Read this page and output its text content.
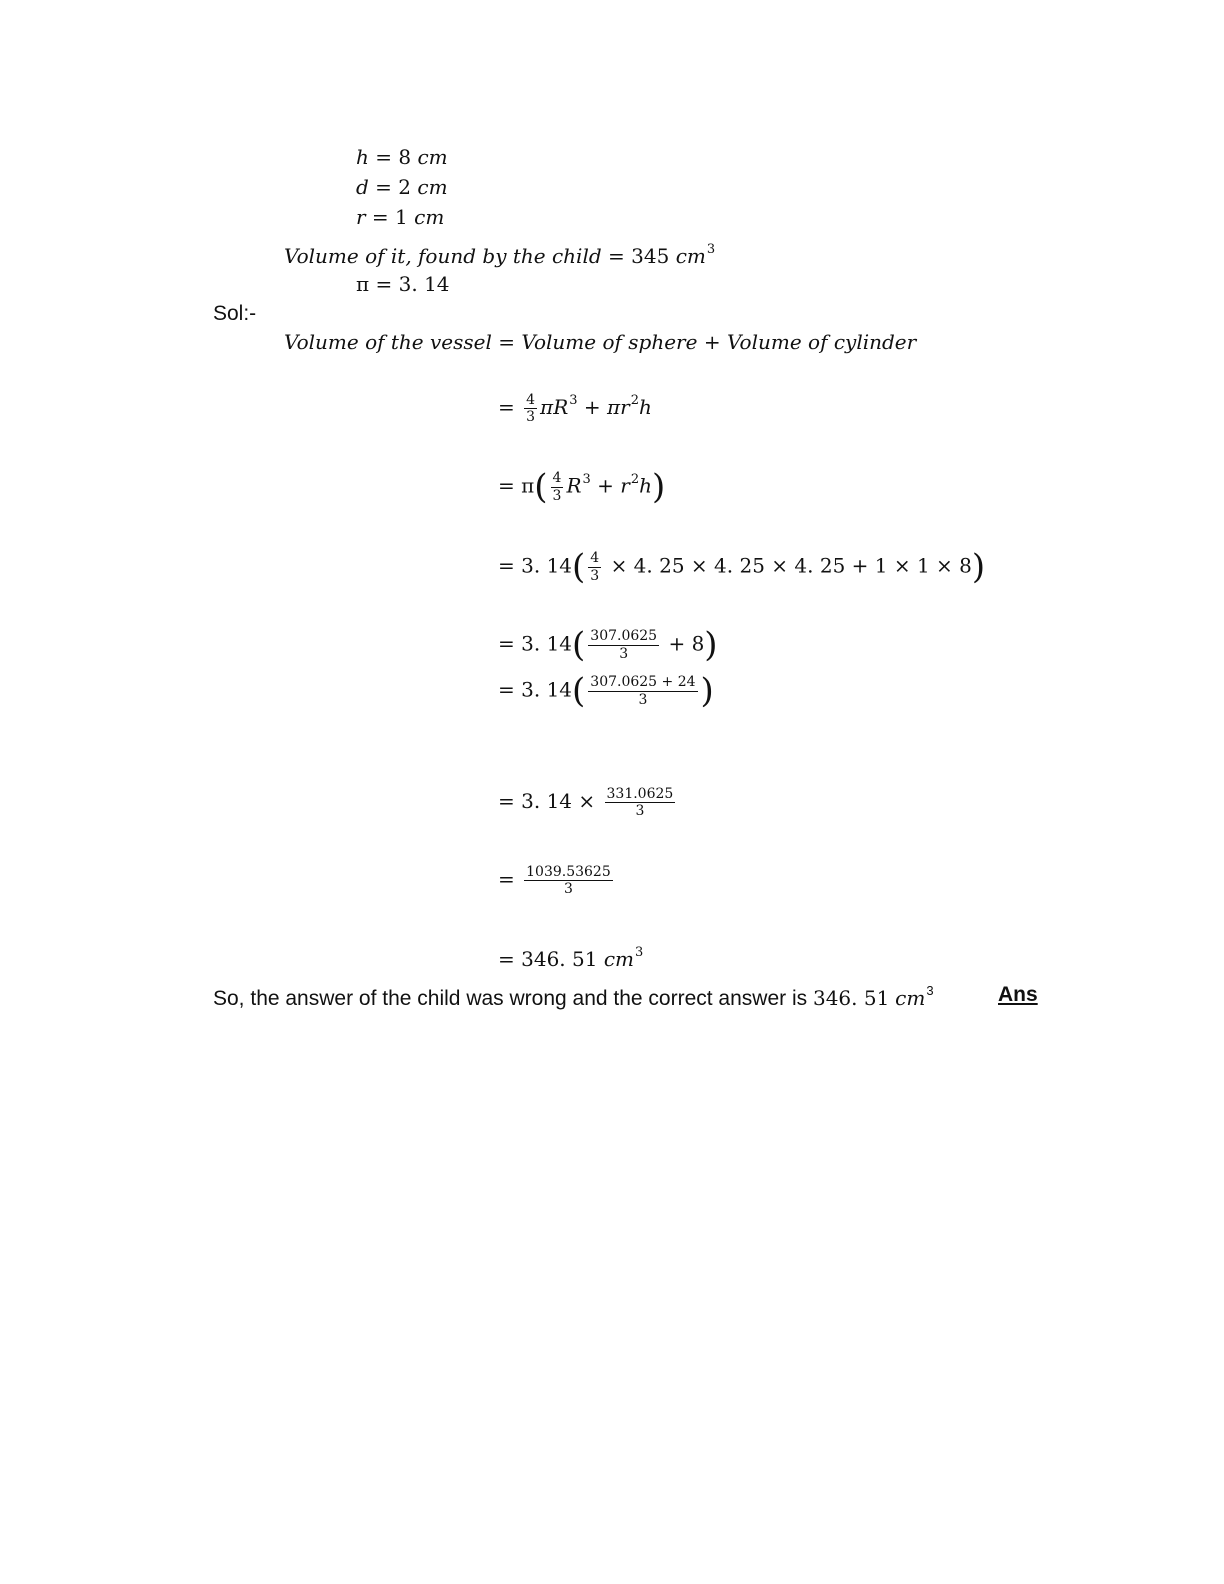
h = 8 cm
d = 2 cm
r = 1 cm
Volume of it, found by the child = 345 $cm^3$
π = 3. 14
Sol:-
Volume of the vessel = Volume of sphere + Volume of cylinder
= $\frac{4}{3} \pi R^3 + \pi r^2h$
= $\pi( \frac{4}{3} R^3 + r^2h)$
= 3. $14( \frac{4}{3} \times 4$. 25 × 4. 25 × 4. 25 + 1 × 1 × 8)
= 3. $14( \frac{307.0625}{3} + 8)$
= 3. $14( \frac{307.0625 + 24}{3}$ )
= 3. $14 \times \frac{331.0625}{3}$
= $\frac{1039.53625}{3}$
= 346. 51 $cm^3$
So, the answer of the child was wrong and the correct answer is 346. 51 $cm^3$	Ans
